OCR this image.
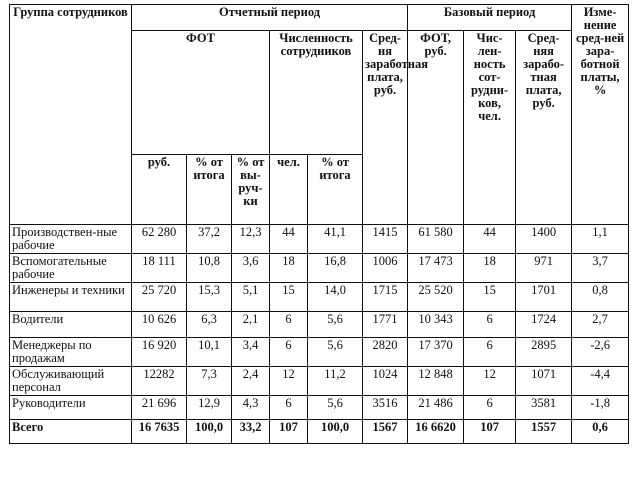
Группа сотрудников	Отчетный период						Базовый период			Изме-нение сред-ней зара-ботной платы, %
	ФОТ			Численность сотрудников		Сред-ня заработная плата, руб.	ФОТ, руб.	Чис-лен-ность сот-рудни-ков, чел.	Сред-няя зарабо-тная плата, руб.	
	руб.	% от итога	% от вы-руч-ки	чел.	% от итога					
Производствен-ные рабочие	62 280	37,2	12,3	44	41,1	1415	61 580	44	1400	1,1
Вспомогательные рабочие	18 111	10,8	3,6	18	16,8	1006	17 473	18	971	3,7
Инженеры и техники	25 720	15,3	5,1	15	14,0	1715	25 520	15	1701	0,8
Водители	10 626	6,3	2,1	6	5,6	1771	10 343	6	1724	2,7
Менеджеры по продажам	16 920	10,1	3,4	6	5,6	2820	17 370	6	2895	-2,6
Обслуживающий персонал	12282	7,3	2,4	12	11,2	1024	12 848	12	1071	-4,4
Руководители	21 696	12,9	4,3	6	5,6	3516	21 486	6	3581	-1,8
Всего	16 7635	100,0	33,2	107	100,0	1567	16 6620	107	1557	0,6
